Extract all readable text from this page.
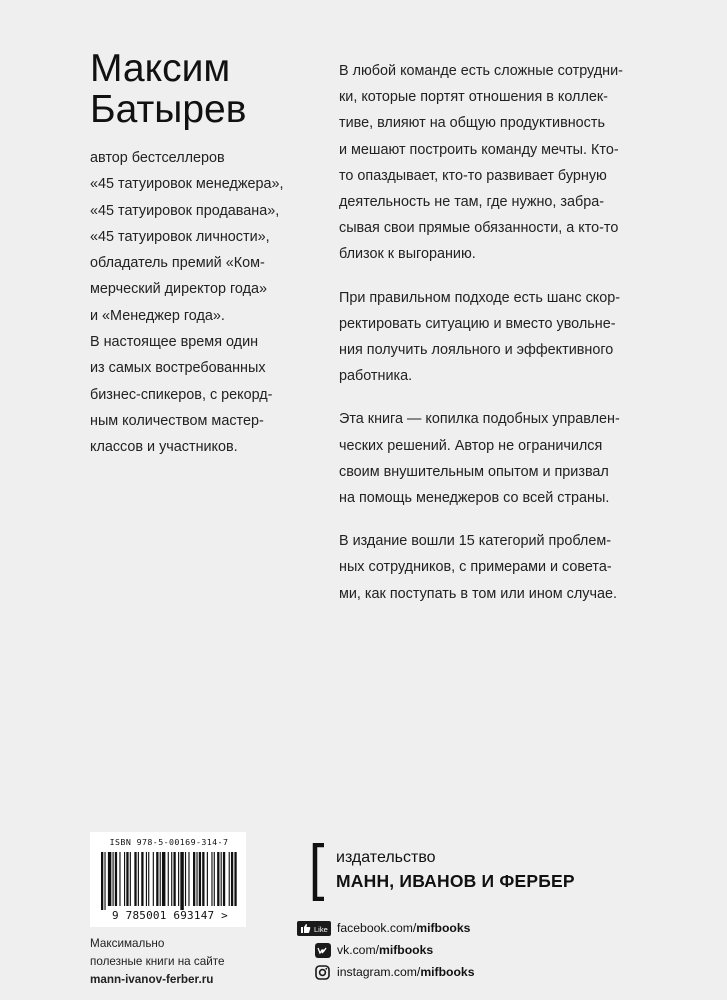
Максим
Батырев
автор бестселлеров
«45 татуировок менеджера»,
«45 татуировок продавана»,
«45 татуировок личности»,
обладатель премий «Ком-
мерческий директор года»
и «Менеджер года».
В настоящее время один
из самых востребованных
бизнес-спикеров, с рекорд-
ным количеством мастер-
классов и участников.

В любой команде есть сложные сотрудни-
ки, которые портят отношения в коллек-
тиве, влияют на общую продуктивность
и мешают построить команду мечты. Кто-
то опаздывает, кто-то развивает бурную
деятельность не там, где нужно, забра-
сывая свои прямые обязанности, а кто-то
близок к выгоранию.

При правильном подходе есть шанс скор-
ректировать ситуацию и вместо увольне-
ния получить лояльного и эффективного
работника.

Эта книга — копилка подобных управлен-
ческих решений. Автор не ограничился
своим внушительным опытом и призвал
на помощь менеджеров со всей страны.

В издание вошли 15 категорий проблем-
ных сотрудников, с примерами и совета-
ми, как поступать в том или ином случае.

ISBN 978-5-00169-314-7
9 785001 693147 >
Максимально
полезные книги на сайте
mann-ivanov-ferber.ru
издательство
МАНН, ИВАНОВ И ФЕРБЕР
Like facebook.com/mifbooks
vk.com/mifbooks
instagram.com/mifbooks
